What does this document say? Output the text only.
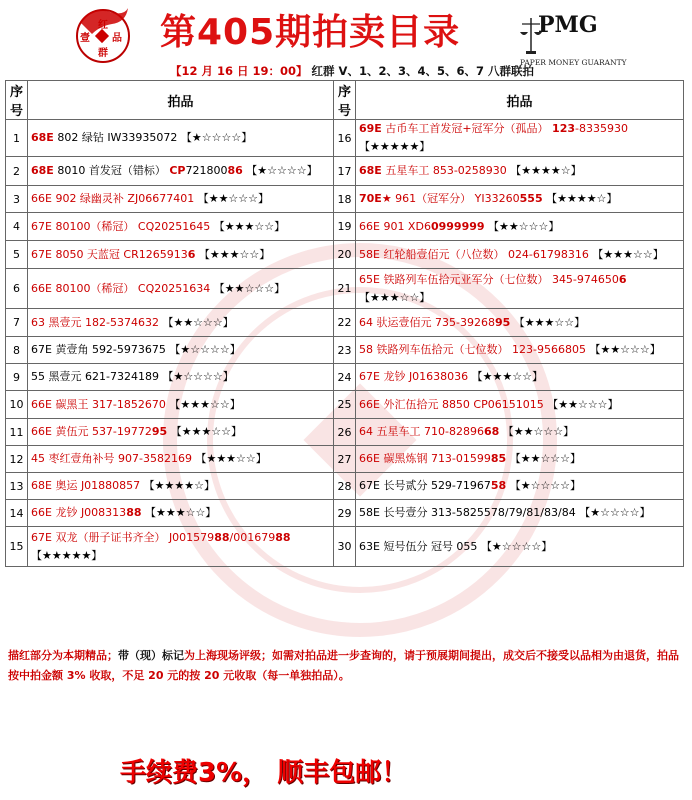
红
壹 品
群
第405期拍卖目录	PMG
PAPER MONEY GUARANTY
【12 月 16 日 19：00】 红群 V、1、2、3、4、5、6、7 八群联拍
序号	拍品	序号	拍品
1	68E 802 绿钻 IW33935072 【★☆☆☆☆】	16	69E 古币车工首发冠+冠军分（孤品） 123-8335930 【★★★★★】
2	68E 8010 首发冠（错标） CP72180086 【★☆☆☆☆】	17	68E 五星车工 853-0258930 【★★★★☆】
3	66E 902 绿幽灵补 ZJ06677401 【★★☆☆☆】	18	70E★ 961（冠军分） YI33260555 【★★★★☆】
4	67E 80100（稀冠） CQ20251645 【★★★☆☆】	19	66E 901 XD60999999 【★★☆☆☆】
5	67E 8050 天蓝冠 CR12659136 【★★★☆☆】	20	58E 红轮船壹佰元（八位数） 024-61798316 【★★★☆☆】
6	66E 80100（稀冠） CQ20251634 【★★☆☆☆】	21	65E 铁路列车伍拾元亚军分（七位数） 345-9746506 【★★★☆☆】
7	63 黑壹元 182-5374632 【★★☆☆☆】	22	64 驮运壹佰元 735-3926895 【★★★☆☆】
8	67E 黄壹角 592-5973675 【★☆☆☆☆】	23	58 铁路列车伍拾元（七位数） 123-9566805 【★★☆☆☆】
9	55 黑壹元 621-7324189 【★☆☆☆☆】	24	67E 龙钞 J01638036 【★★★☆☆】
10	66E 碳黑王 317-1852670 【★★★☆☆】	25	66E 外汇伍拾元 8850 CP06151015 【★★☆☆☆】
11	66E 黄伍元 537-1977295 【★★★☆☆】	26	64 五星车工 710-8289668 【★★☆☆☆】
12	45 枣红壹角补号 907-3582169 【★★★☆☆】	27	66E 碳黑炼钢 713-0159985 【★★☆☆☆】
13	68E 奥运 J01880857 【★★★★☆】	28	67E 长号贰分 529-7196758 【★☆☆☆☆】
14	66E 龙钞 J00831388 【★★★☆☆】	29	58E 长号壹分 313-5825578/79/81/83/84 【★☆☆☆☆】
15	67E 双龙（册子证书齐全） J00157988/00167988 【★★★★★】	30	63E 短号伍分 冠号 055 【★☆☆☆☆】
描红部分为本期精品；带（现）标记为上海现场评级；如需对拍品进一步查询的，请于预展期间提出，成交后不接受以品相为由退货，拍品按中拍金额 3% 收取，不足 20 元的按 20 元收取（每一单独拍品）。
手续费3%， 顺丰包邮！
